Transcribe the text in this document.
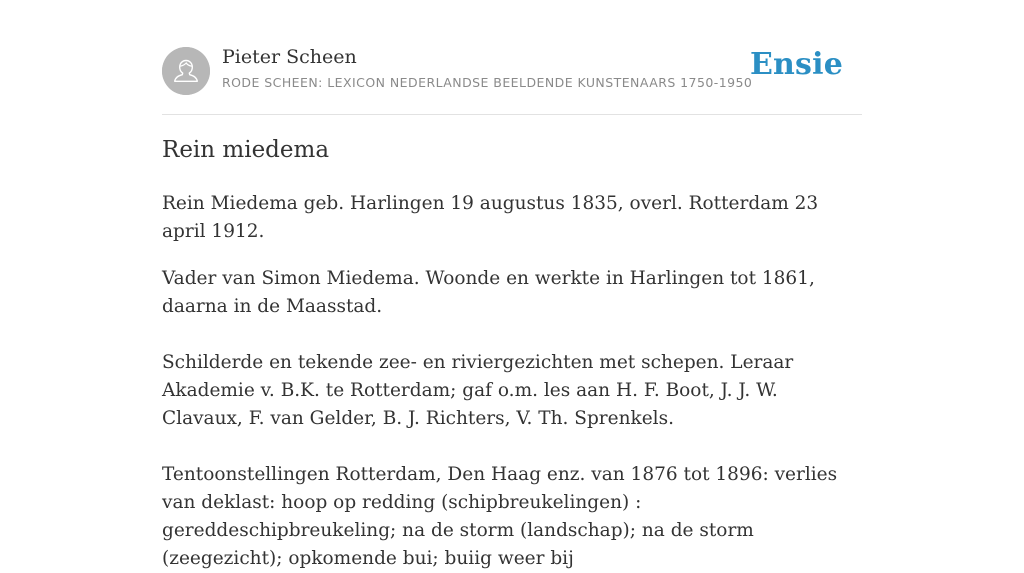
Pieter Scheen
RODE SCHEEN: LEXICON NEDERLANDSE BEELDENDE KUNSTENAARS 1750-1950
Ensie
Rein miedema

Rein Miedema geb. Harlingen 19 augustus 1835, overl. Rotterdam 23 april 1912.

Vader van Simon Miedema. Woonde en werkte in Harlingen tot 1861, daarna in de Maasstad.

Schilderde en tekende zee- en riviergezichten met schepen. Leraar Akademie v. B.K. te Rotterdam; gaf o.m. les aan H. F. Boot, J. J. W. Clavaux, F. van Gelder, B. J. Richters, V. Th. Sprenkels.

Tentoonstellingen Rotterdam, Den Haag enz. van 1876 tot 1896: verlies van deklast: hoop op redding (schipbreukelingen) : gereddeschipbreukeling; na de storm (landschap); na de storm (zeegezicht); opkomende bui; buiig weer bij
